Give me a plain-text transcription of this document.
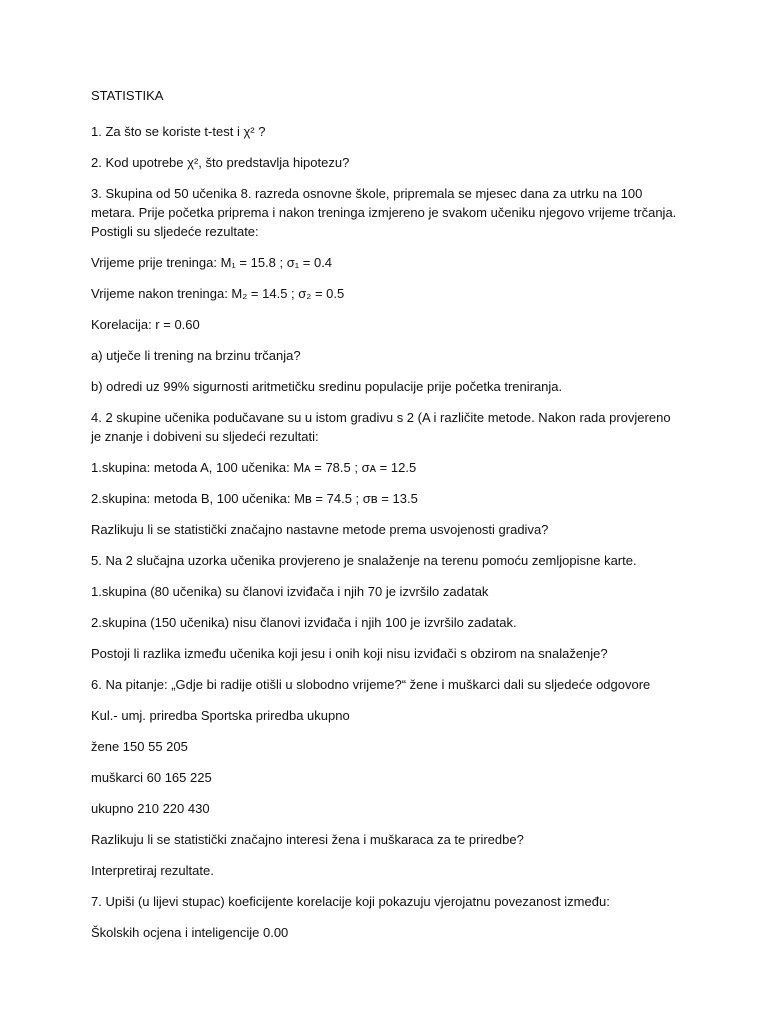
STATISTIKA
1. Za što se koriste t-test i χ² ?
2. Kod upotrebe χ², što predstavlja hipotezu?
3. Skupina od 50 učenika 8. razreda osnovne škole, pripremala se mjesec dana za utrku na 100 metara. Prije početka priprema i nakon treninga izmjereno je svakom učeniku njegovo vrijeme trčanja. Postigli su sljedeće rezultate:
Vrijeme prije treninga: M₁ = 15.8 ; σ₁ = 0.4
Vrijeme nakon treninga: M₂ = 14.5 ; σ₂ = 0.5
Korelacija: r = 0.60
a) utječe li trening na brzinu trčanja?
b) odredi uz 99% sigurnosti aritmetičku sredinu populacije prije početka treniranja.
4. 2 skupine učenika podučavane su u istom gradivu s 2 (A i različite metode. Nakon rada provjereno je znanje i dobiveni su sljedeći rezultati:
1.skupina: metoda A, 100 učenika: Mᴀ = 78.5 ; σᴀ = 12.5
2.skupina: metoda B, 100 učenika: Mʙ = 74.5 ; σʙ = 13.5
Razlikuju li se statistički značajno nastavne metode prema usvojenosti gradiva?
5. Na 2 slučajna uzorka učenika provjereno je snalaženje na terenu pomoću zemljopisne karte.
1.skupina (80 učenika) su članovi izviđača i njih 70 je izvršilo zadatak
2.skupina (150 učenika) nisu članovi izviđača i njih 100 je izvršilo zadatak.
Postoji li razlika između učenika koji jesu i onih koji nisu izviđači s obzirom na snalaženje?
6. Na pitanje: „Gdje bi radije otišli u slobodno vrijeme?“ žene i muškarci dali su sljedeće odgovore
Kul.- umj. priredba Sportska priredba ukupno
žene 150 55 205
muškarci 60 165 225
ukupno 210 220 430
Razlikuju li se statistički značajno interesi žena i muškaraca za te priredbe?
Interpretiraj rezultate.
7. Upiši (u lijevi stupac) koeficijente korelacije koji pokazuju vjerojatnu povezanost između:
Školskih ocjena i inteligencije 0.00
